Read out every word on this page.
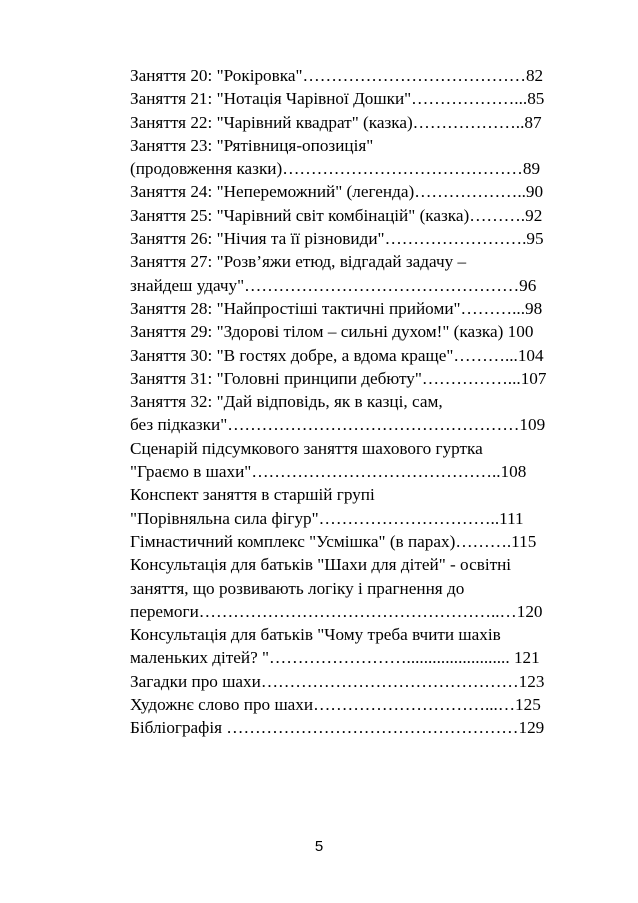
Заняття 20: "Рокіровка"…………………………………82
Заняття 21: "Нотація Чарівної Дошки"………………...85
Заняття 22: "Чарівний квадрат" (казка)………………..87
Заняття 23: "Рятівниця-опозиція"
(продовження казки)……………………………………89
Заняття 24: "Непереможний" (легенда)………………..90
Заняття 25: "Чарівний світ комбінацій" (казка)……….92
Заняття 26: "Нічия та її різновиди"…………………….95
Заняття 27: "Розв’яжи етюд, відгадай задачу –
знайдеш удачу"…………………………………………96
Заняття 28: "Найпростіші тактичні прийоми"………...98
Заняття 29: "Здорові тілом – сильні духом!" (казка) 100
Заняття 30: "В гостях добре, а вдома краще"………...104
Заняття 31: "Головні принципи дебюту"……………...107
Заняття 32: "Дай відповідь, як в казці, сам,
без підказки"……………………………………………109
Сценарій підсумкового заняття шахового гуртка
"Граємо в шахи"……………………………………..108
Конспект заняття в старшій групі
"Порівняльна сила фігур"…………………………..111
Гімнастичний комплекс "Усмішка" (в парах)……….115
Консультація для батьків "Шахи для дітей" - освітні
заняття, що розвивають логіку і прагнення до
перемоги……………………………………………..…120
Консультація для батьків "Чому треба вчити шахів
маленьких дітей? "……………………........................ 121
Загадки про шахи………………………………………123
Художнє слово про шахи…………………………...…125
Бібліографія ……………………………………………129
5
